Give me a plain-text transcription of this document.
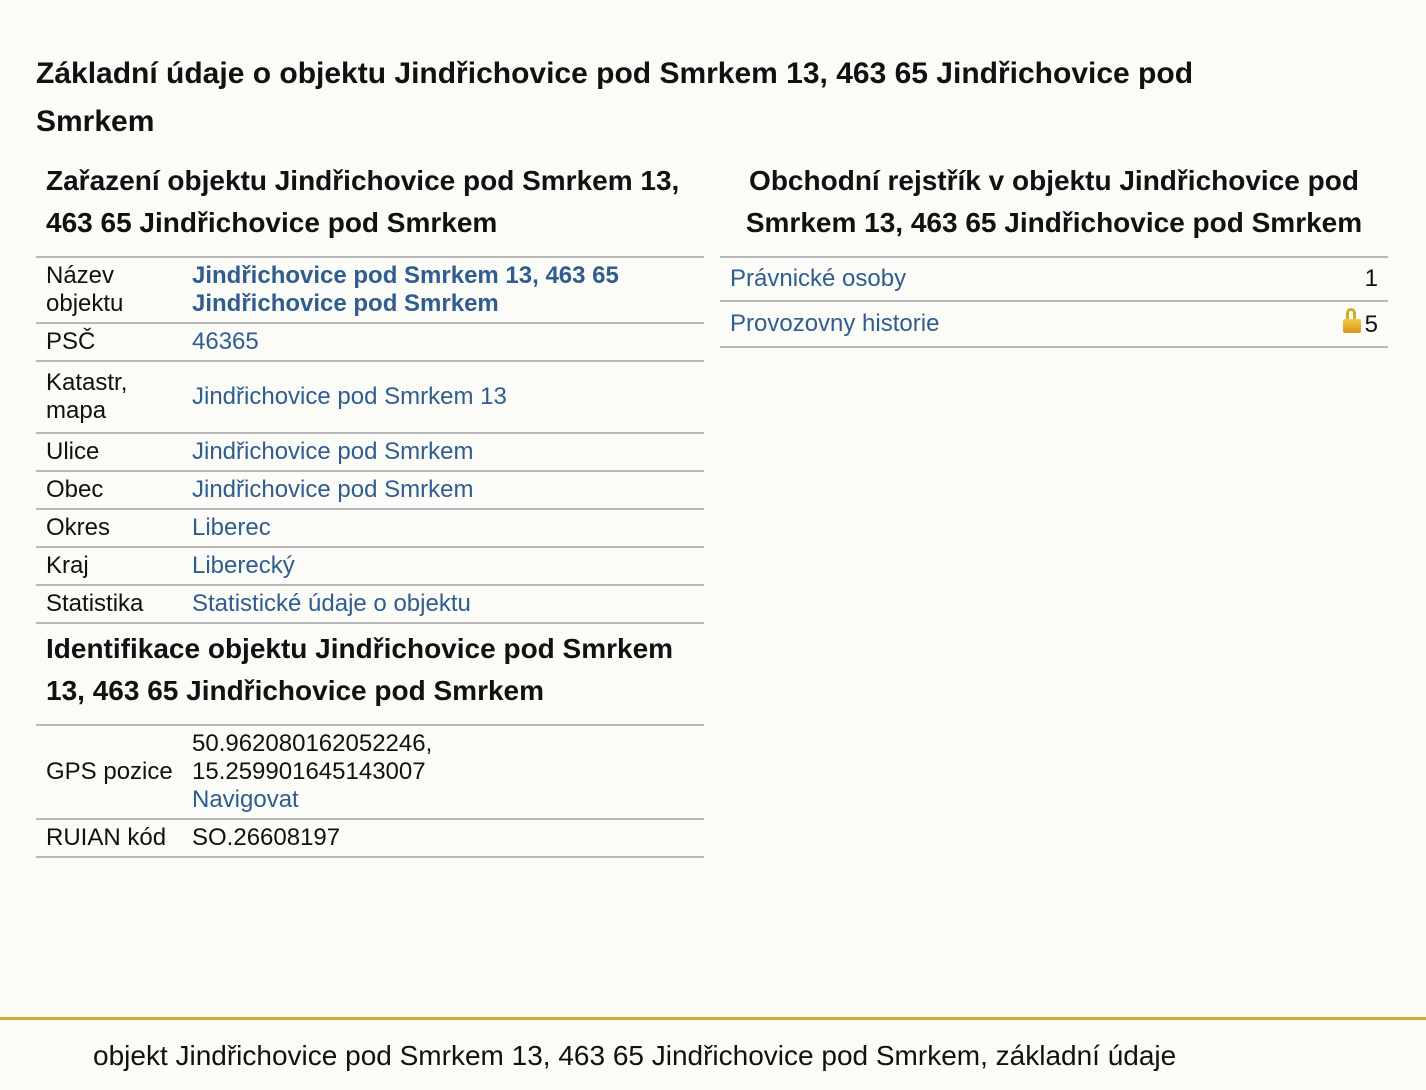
Základní údaje o objektu Jindřichovice pod Smrkem 13, 463 65 Jindřichovice pod Smrkem
Zařazení objektu Jindřichovice pod Smrkem 13, 463 65 Jindřichovice pod Smrkem
Název objektu	Jindřichovice pod Smrkem 13, 463 65 Jindřichovice pod Smrkem
PSČ	46365
Katastr, mapa	Jindřichovice pod Smrkem 13
Ulice	Jindřichovice pod Smrkem
Obec	Jindřichovice pod Smrkem
Okres	Liberec
Kraj	Liberecký
Statistika	Statistické údaje o objektu
Identifikace objektu Jindřichovice pod Smrkem 13, 463 65 Jindřichovice pod Smrkem
GPS pozice	50.962080162052246,
15.259901645143007
Navigovat
RUIAN kód	SO.26608197
Obchodní rejstřík v objektu Jindřichovice pod Smrkem 13, 463 65 Jindřichovice pod Smrkem
Právnické osoby	1
Provozovny historie	5
objekt Jindřichovice pod Smrkem 13, 463 65 Jindřichovice pod Smrkem, základní údaje
